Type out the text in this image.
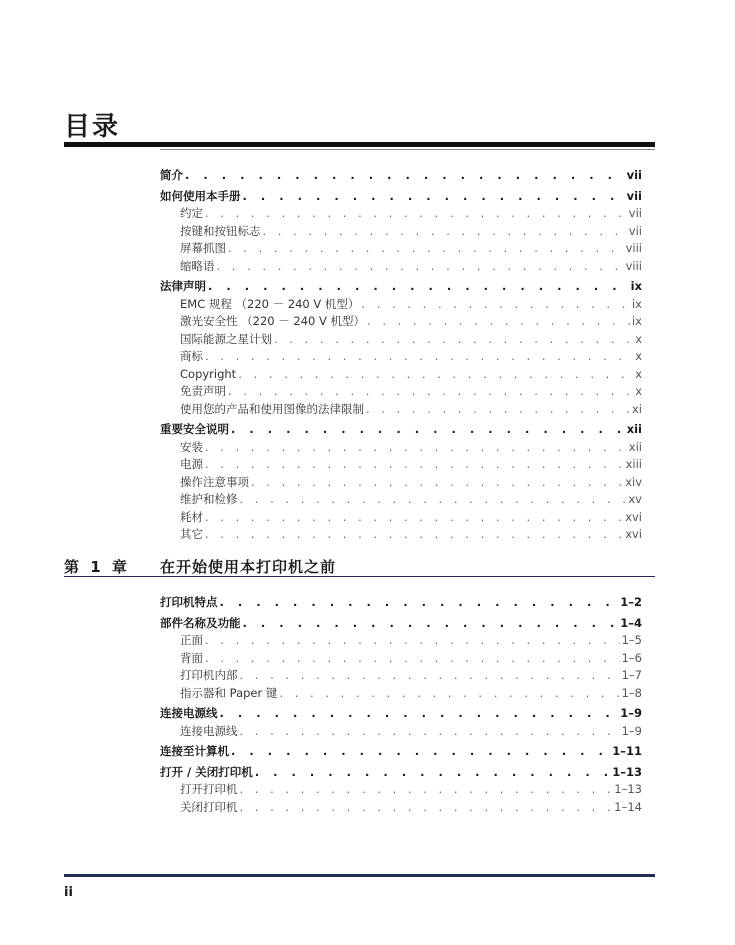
目录
简介 . . .	vii
如何使用本手册 . . .	vii
约定 . . .	vii
按键和按钮标志 . . .	vii
屏幕抓图 . . .	viii
缩略语 . . .	viii
法律声明 . . .	ix
EMC 规程 （220 － 240 V 机型） . . .	ix
激光安全性 （220 － 240 V 机型） . . .	ix
国际能源之星计划 . . .	x
商标 . . .	x
Copyright . . .	x
免责声明 . . .	x
使用您的产品和使用图像的法律限制 . . .	xi
重要安全说明 . . .	xii
安装 . . .	xii
电源 . . .	xiii
操作注意事项 . . .	xiv
维护和检修 . . .	xv
耗材 . . .	xvi
其它 . . .	xvi
第 1 章 在开始使用本打印机之前
打印机特点 . . .	1–2
部件名称及功能 . . .	1–4
正面 . . .	1–5
背面 . . .	1–6
打印机内部 . . .	1–7
指示器和 Paper 键 . . .	1–8
连接电源线 . . .	1–9
连接电源线 . . .	1–9
连接至计算机 . . .	1–11
打开 / 关闭打印机 . . .	1–13
打开打印机 . . .	1–13
关闭打印机 . . .	1–14
ii
